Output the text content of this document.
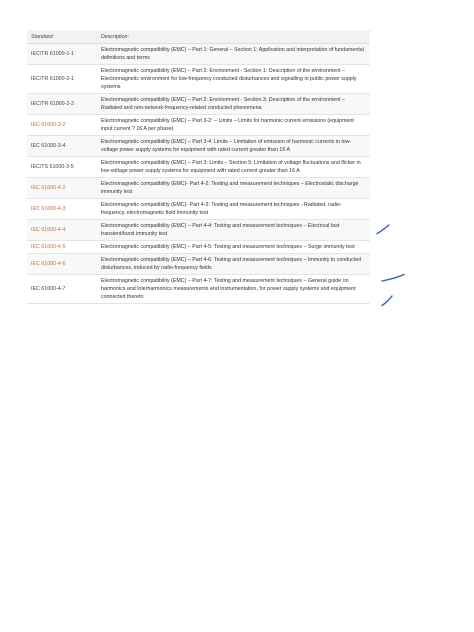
Standard:	Description:
IEC/TR 61000-1-1	Electromagnetic compatibility (EMC) – Part 1: General – Section 1: Application and interpretation of fundamental definitions and terms
IEC/TR 61000-2-1	Electromagnetic compatibility (EMC) – Part 2: Environment - Section 1: Description of the environment – Electromagnetic environment for low-frequency conducted disturbances and signalling in public power supply systems
IEC/TR 61000-2-3	Electromagnetic compatibility (EMC) – Part 2: Environment - Section 3: Description of the environment – Radiated and non-network-frequency-related conducted phenomena
IEC 61000-3-2	Electromagnetic compatibility (EMC) – Part 3-2: – Limits – Limits for harmonic current emissions (equipment input current ? 16 A per phase)
IEC 61000-3-4	Electromagnetic compatibility (EMC) – Part 3-4: Limits – Limitation of emission of harmonic currents in low-voltage power supply systems for equipment with rated current greater than 16 A
IEC/TS 61000-3-5	Electromagnetic compatibility (EMC) – Part 3: Limits – Section 5: Limitation of voltage fluctuations and flicker in low-voltage power supply systems for equipment with rated current greater than 16 A
IEC 61000-4-2	Electromagnetic compatibility (EMC)- Part 4-2: Testing and measurement techniques – Electrostatic discharge immunity test
IEC 61000-4-3	Electromagnetic compatibility (EMC)- Part 4-3: Testing and measurement techniques - Radiated, radio-frequency, electromagnetic field immunity test
IEC 61000-4-4	Electromagnetic compatibility (EMC) – Part 4-4: Testing and measurement techniques – Electrical fast transient/burst immunity test
IEC 61000-4-5	Electromagnetic compatibility (EMC) – Part 4-5: Testing and measurement techniques – Surge immunity test
IEC 61000-4-6	Electromagnetic compatibility (EMC) – Part 4-6: Testing and measurement techniques – Immunity to conducted disturbances, induced by radio-frequency fields
IEC 61000-4-7	Electromagnetic compatibility (EMC) – Part 4-7: Testing and measurement techniques – General guide on harmonics and interharmonics measurements and instrumentation, for power supply systems and equipment connected thereto
